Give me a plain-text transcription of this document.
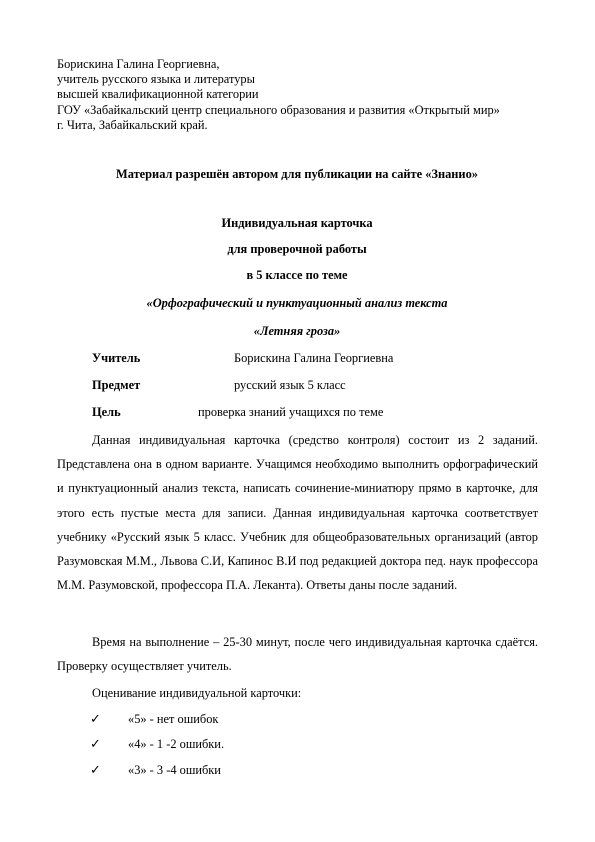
Борискина Галина Георгиевна,
учитель русского языка и литературы
высшей квалификационной категории
ГОУ «Забайкальский центр специального образования и развития «Открытый мир»
г. Чита, Забайкальский край.
Материал разрешён автором для публикации на сайте «Знанио»
Индивидуальная карточка
для проверочной работы
в 5 классе по теме
«Орфографический и пунктуационный анализ текста
«Летняя гроза»
Учитель	Борискина Галина Георгиевна
Предмет	русский язык 5 класс
Цель	проверка знаний учащихся по теме
Данная индивидуальная карточка (средство контроля) состоит из 2 заданий. Представлена она в одном варианте. Учащимся необходимо выполнить орфографический и пунктуационный анализ текста, написать сочинение-миниатюру прямо в карточке, для этого есть пустые места для записи. Данная индивидуальная карточка соответствует учебнику «Русский язык 5 класс. Учебник для общеобразовательных организаций (автор Разумовская М.М., Львова С.И, Капинос В.И под редакцией доктора пед. наук профессора М.М. Разумовской, профессора П.А. Леканта). Ответы даны после заданий.
Время на выполнение – 25-30 минут, после чего индивидуальная карточка сдаётся. Проверку осуществляет учитель.
Оценивание индивидуальной карточки:
✓ «5» - нет ошибок
✓ «4» - 1 -2 ошибки.
✓ «3» - 3 -4 ошибки
